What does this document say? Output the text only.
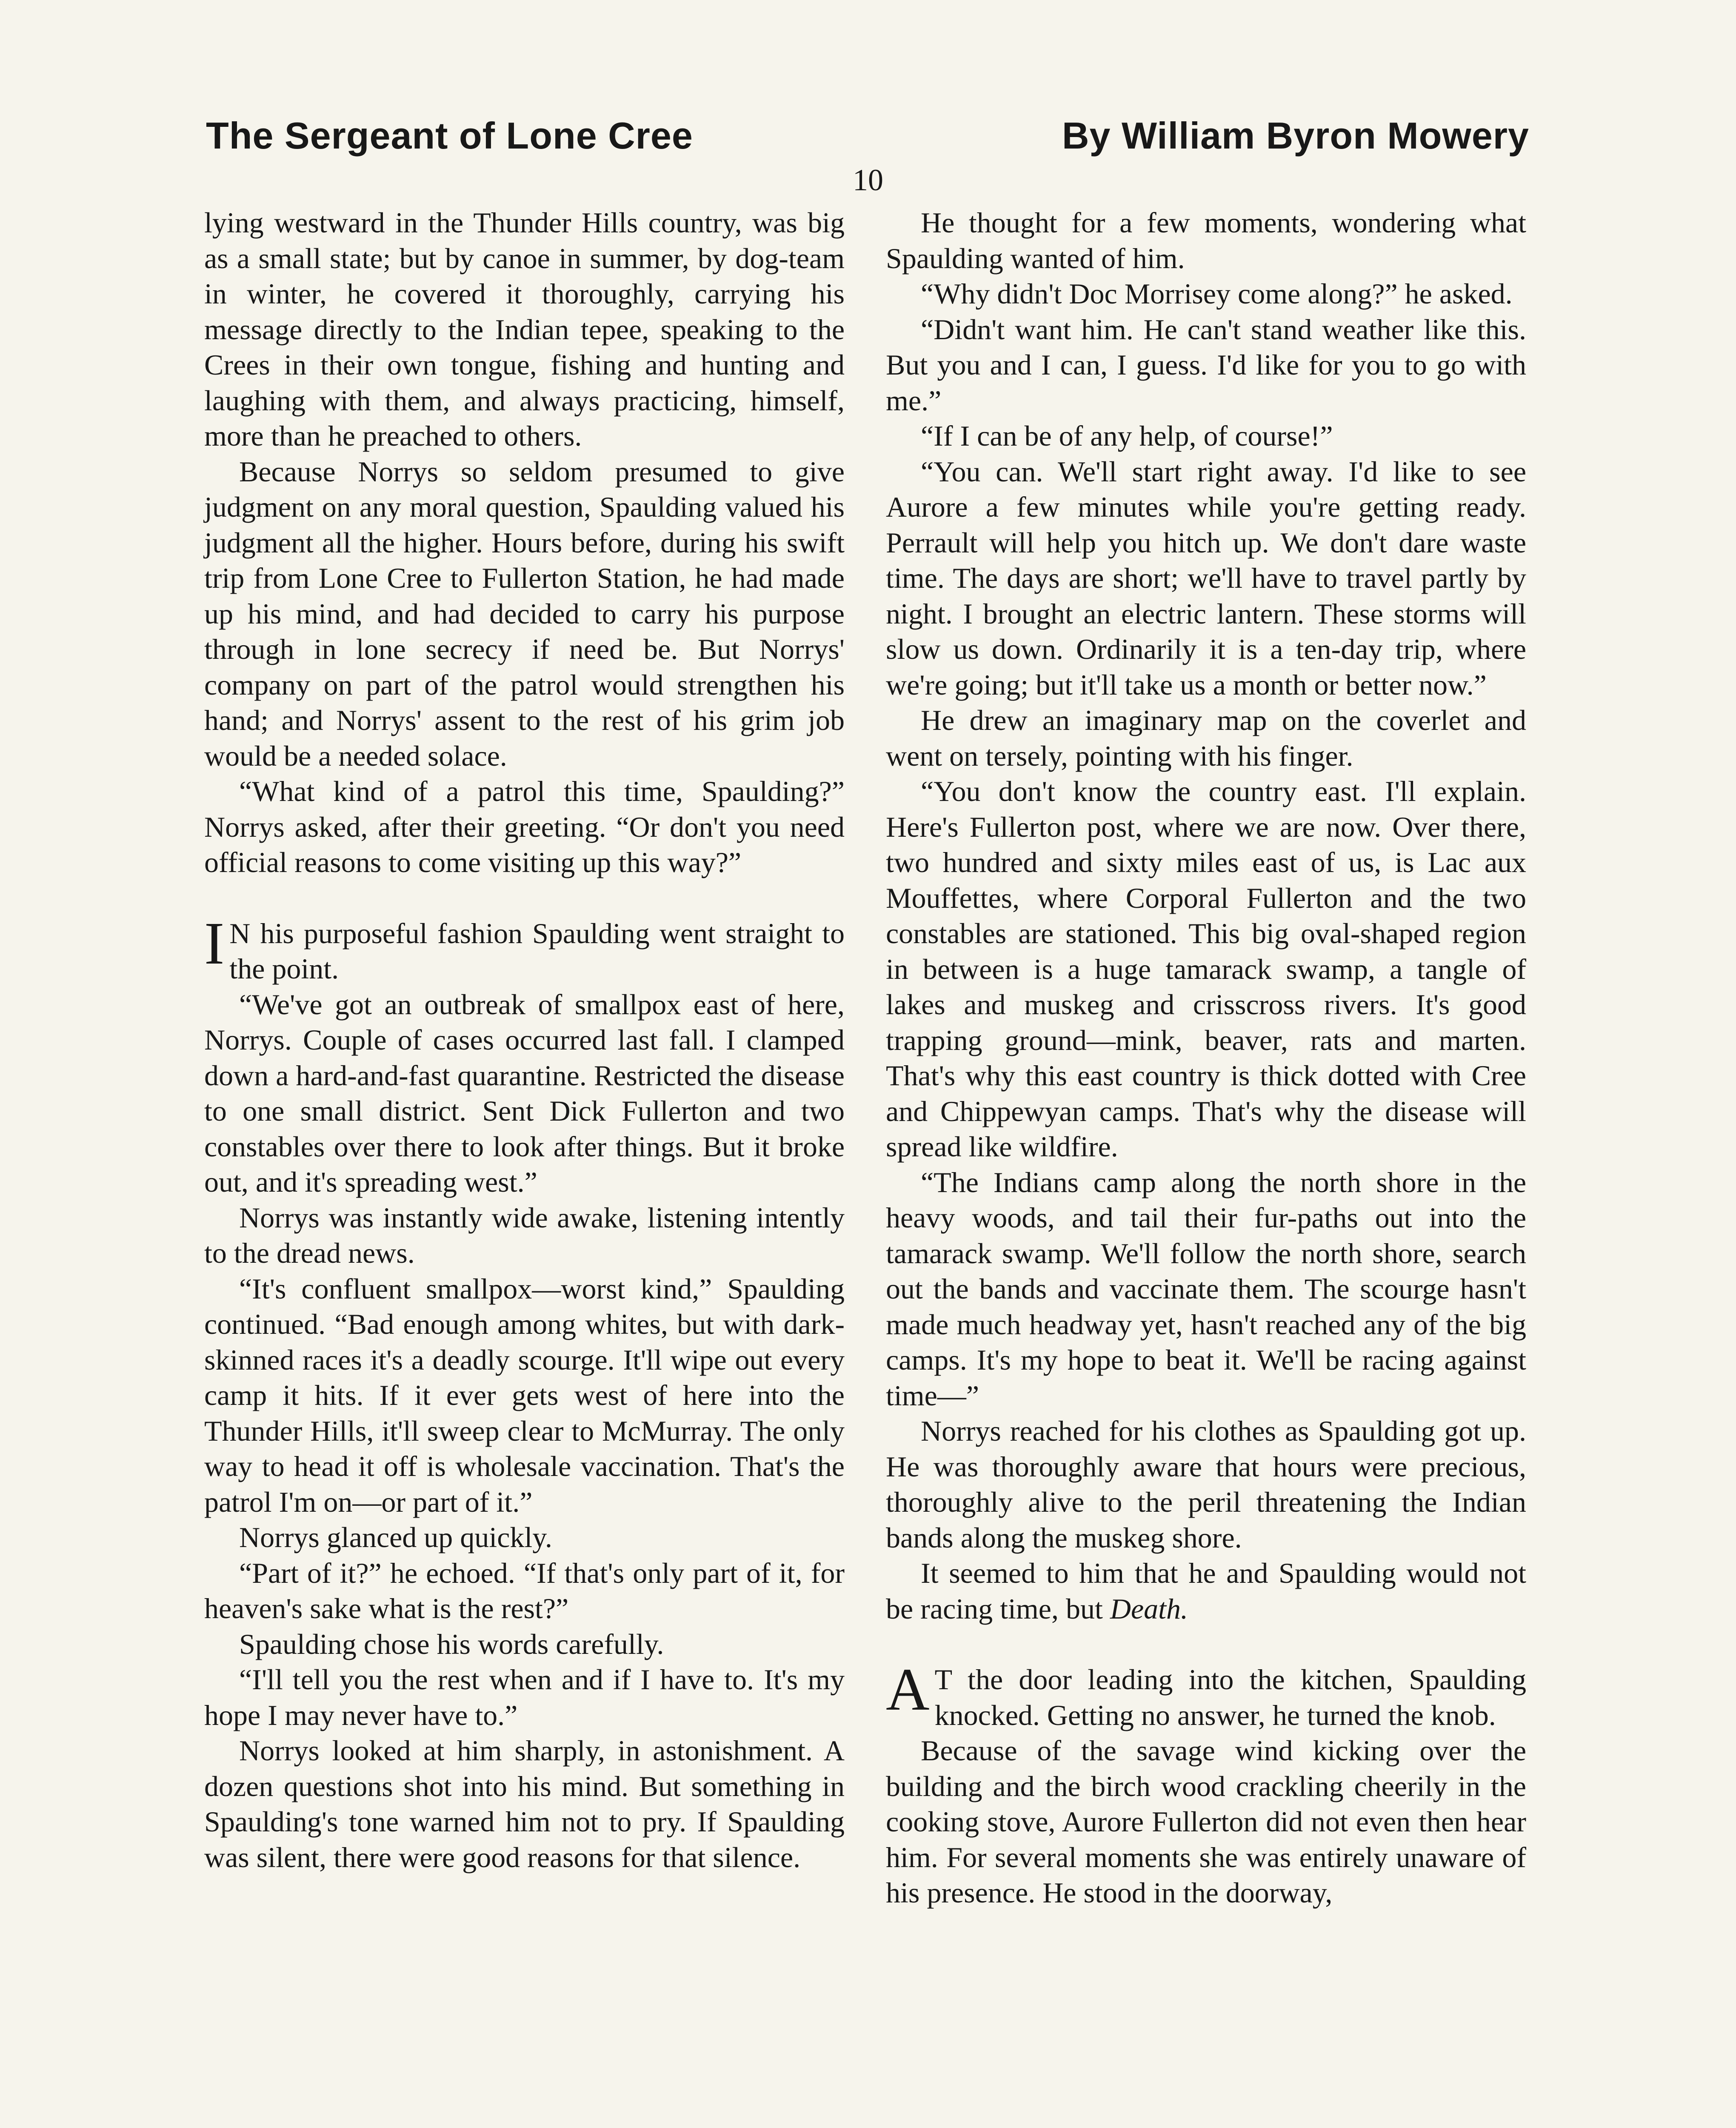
The Sergeant of Lone Cree	By William Byron Mowery
10

lying westward in the Thunder Hills country, was big as a small state; but by canoe in summer, by dog-team in winter, he covered it thoroughly, carrying his message directly to the Indian tepee, speaking to the Crees in their own tongue, fishing and hunting and laughing with them, and always practicing, himself, more than he preached to others.

Because Norrys so seldom presumed to give judgment on any moral question, Spaulding valued his judgment all the higher. Hours before, during his swift trip from Lone Cree to Fullerton Station, he had made up his mind, and had decided to carry his purpose through in lone secrecy if need be. But Norrys' company on part of the patrol would strengthen his hand; and Norrys' assent to the rest of his grim job would be a needed solace.

“What kind of a patrol this time, Spaulding?” Norrys asked, after their greeting. “Or don't you need official reasons to come visiting up this way?”

I N his purposeful fashion Spaulding went straight to the point.

“We've got an outbreak of smallpox east of here, Norrys. Couple of cases occurred last fall. I clamped down a hard-and-fast quarantine. Restricted the disease to one small district. Sent Dick Fullerton and two constables over there to look after things. But it broke out, and it's spreading west.”

Norrys was instantly wide awake, listening intently to the dread news.

“It's confluent smallpox—worst kind,” Spaulding continued. “Bad enough among whites, but with dark-skinned races it's a deadly scourge. It'll wipe out every camp it hits. If it ever gets west of here into the Thunder Hills, it'll sweep clear to McMurray. The only way to head it off is wholesale vaccination. That's the patrol I'm on—or part of it.”

Norrys glanced up quickly.

“Part of it?” he echoed. “If that's only part of it, for heaven's sake what is the rest?”

Spaulding chose his words carefully.

“I'll tell you the rest when and if I have to. It's my hope I may never have to.”

Norrys looked at him sharply, in astonishment. A dozen questions shot into his mind. But something in Spaulding's tone warned him not to pry. If Spaulding was silent, there were good reasons for that silence.

He thought for a few moments, wondering what Spaulding wanted of him.

“Why didn't Doc Morrisey come along?” he asked.

“Didn't want him. He can't stand weather like this. But you and I can, I guess. I'd like for you to go with me.”

“If I can be of any help, of course!”

“You can. We'll start right away. I'd like to see Aurore a few minutes while you're getting ready. Perrault will help you hitch up. We don't dare waste time. The days are short; we'll have to travel partly by night. I brought an electric lantern. These storms will slow us down. Ordinarily it is a ten-day trip, where we're going; but it'll take us a month or better now.”

He drew an imaginary map on the coverlet and went on tersely, pointing with his finger.

“You don't know the country east. I'll explain. Here's Fullerton post, where we are now. Over there, two hundred and sixty miles east of us, is Lac aux Mouffettes, where Corporal Fullerton and the two constables are stationed. This big oval-shaped region in between is a huge tamarack swamp, a tangle of lakes and muskeg and crisscross rivers. It's good trapping ground—mink, beaver, rats and marten. That's why this east country is thick dotted with Cree and Chippewyan camps. That's why the disease will spread like wildfire.

“The Indians camp along the north shore in the heavy woods, and tail their fur-paths out into the tamarack swamp. We'll follow the north shore, search out the bands and vaccinate them. The scourge hasn't made much headway yet, hasn't reached any of the big camps. It's my hope to beat it. We'll be racing against time—”

Norrys reached for his clothes as Spaulding got up. He was thoroughly aware that hours were precious, thoroughly alive to the peril threatening the Indian bands along the muskeg shore.

It seemed to him that he and Spaulding would not be racing time, but Death.

A T the door leading into the kitchen, Spaulding knocked. Getting no answer, he turned the knob.

Because of the savage wind kicking over the building and the birch wood crackling cheerily in the cooking stove, Aurore Fullerton did not even then hear him. For several moments she was entirely unaware of his presence. He stood in the doorway,
